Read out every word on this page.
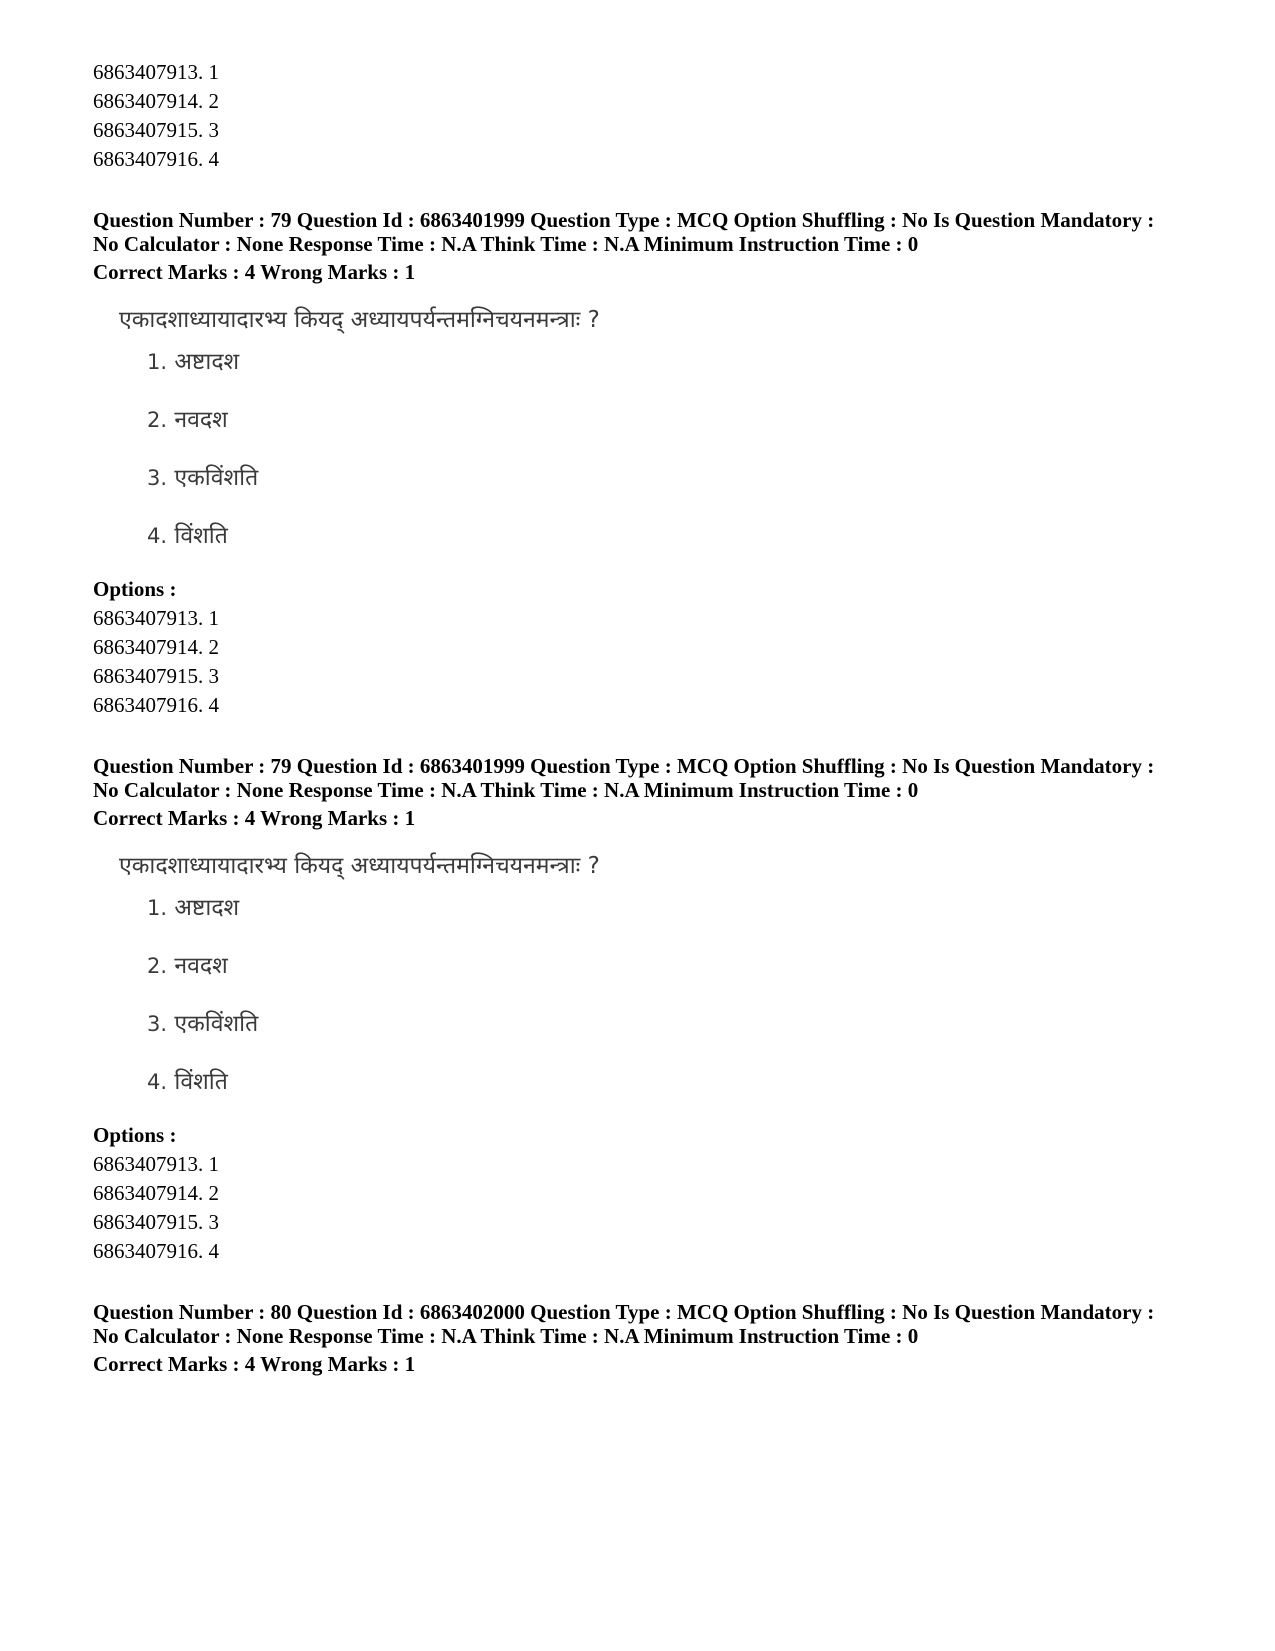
6863407913. 1
6863407914. 2
6863407915. 3
6863407916. 4
Question Number : 79 Question Id : 6863401999 Question Type : MCQ Option Shuffling : No Is Question Mandatory :
No Calculator : None Response Time : N.A Think Time : N.A Minimum Instruction Time : 0
Correct Marks : 4 Wrong Marks : 1
एकादशाध्यायादारभ्य कियद् अध्यायपर्यन्तमग्निचयनमन्त्राः ?
1. अष्टादश
2. नवदश
3. एकविंशति
4. विंशति
Options :
6863407913. 1
6863407914. 2
6863407915. 3
6863407916. 4
Question Number : 79 Question Id : 6863401999 Question Type : MCQ Option Shuffling : No Is Question Mandatory :
No Calculator : None Response Time : N.A Think Time : N.A Minimum Instruction Time : 0
Correct Marks : 4 Wrong Marks : 1
एकादशाध्यायादारभ्य कियद् अध्यायपर्यन्तमग्निचयनमन्त्राः ?
1. अष्टादश
2. नवदश
3. एकविंशति
4. विंशति
Options :
6863407913. 1
6863407914. 2
6863407915. 3
6863407916. 4
Question Number : 80 Question Id : 6863402000 Question Type : MCQ Option Shuffling : No Is Question Mandatory :
No Calculator : None Response Time : N.A Think Time : N.A Minimum Instruction Time : 0
Correct Marks : 4 Wrong Marks : 1
